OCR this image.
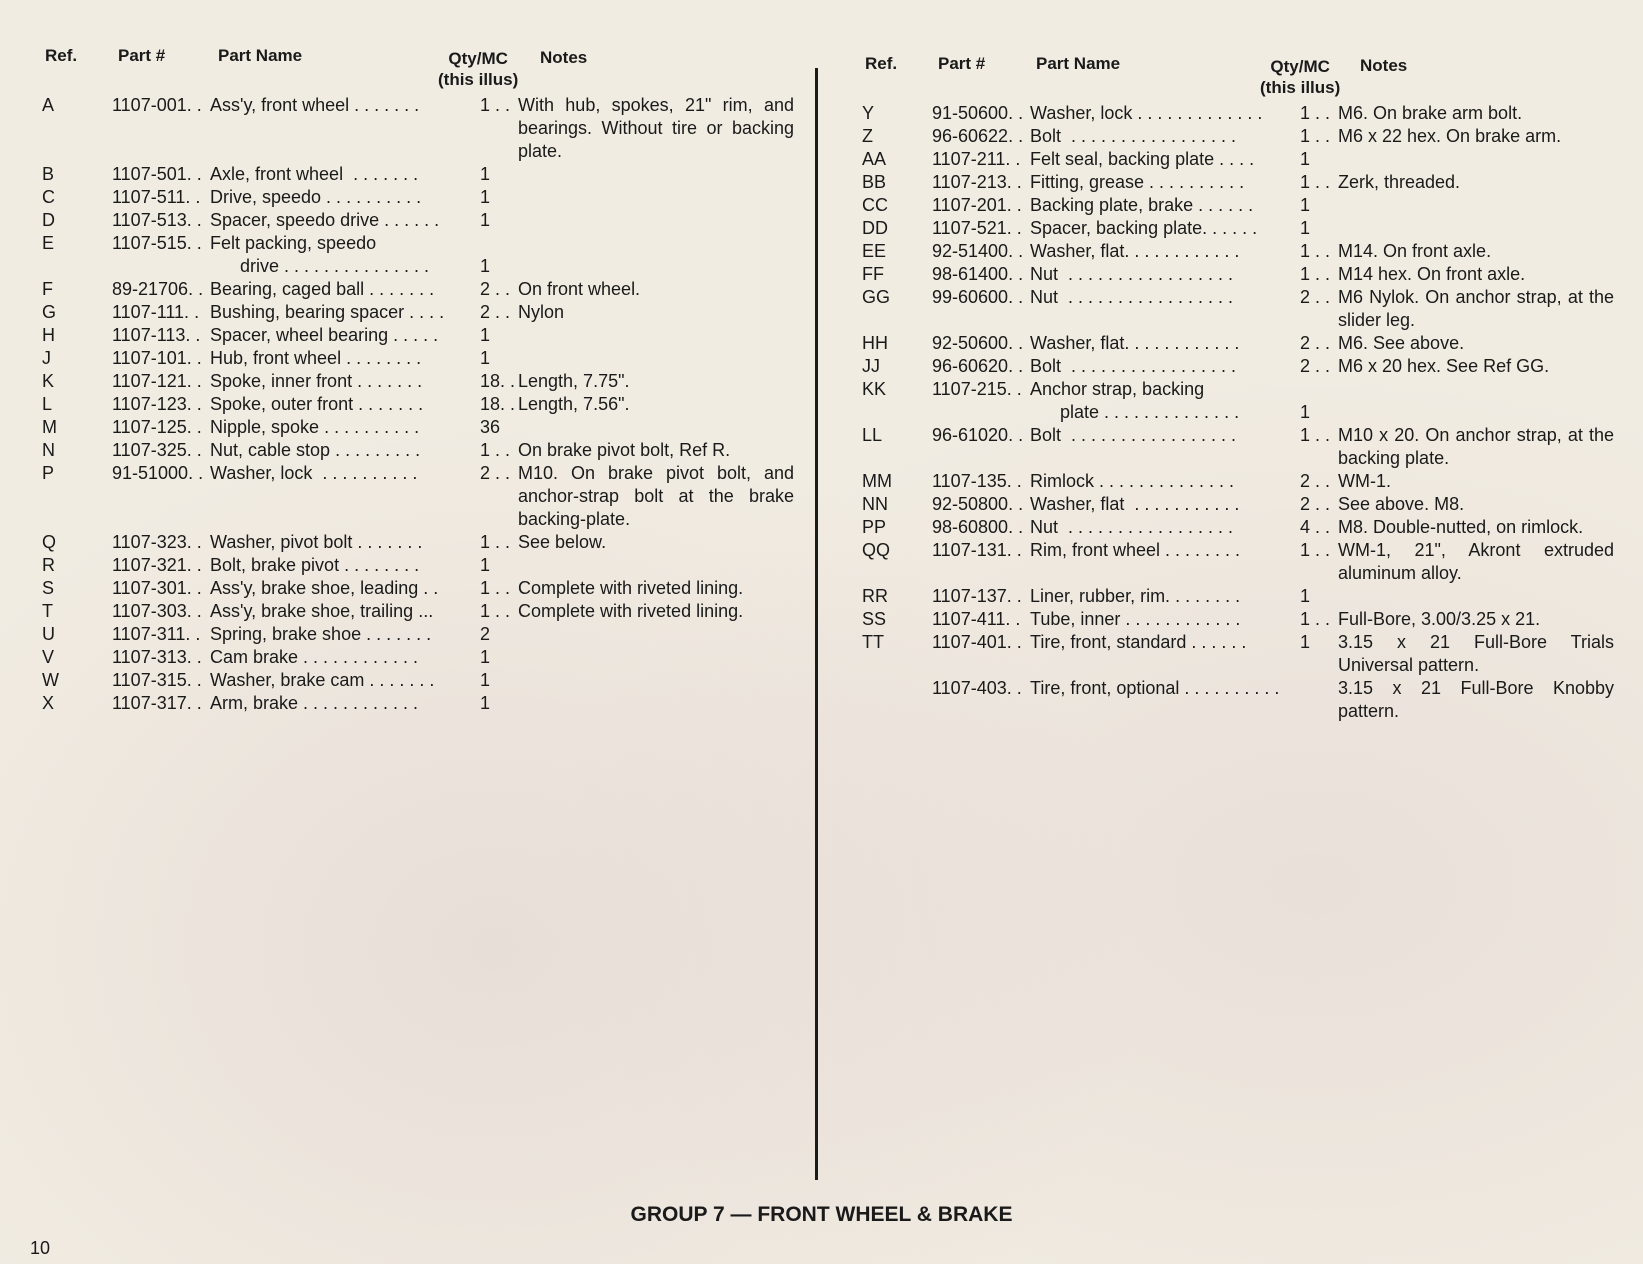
Ref. Part #	Part Name	Qty/MC
(this illus)
Notes
A	1107-001. . Ass'y, front wheel . . . . . . .	1 . . With hub, spokes, 21" rim, and bearings. Without tire or backing plate.
B	1107-501. . Axle, front wheel  . . . . . . .	1
C	1107-511. . Drive, speedo . . . . . . . . . .	1
D	1107-513. . Spacer, speedo drive . . . . . .	1
E	1107-515. . Felt packing, speedo
drive . . . . . . . . . . . . . . .	1
F	89-21706. . Bearing, caged ball . . . . . . .	2 . . On front wheel.
G	1107-111. . Bushing, bearing spacer . . . .	2 . . Nylon
H	1107-113. . Spacer, wheel bearing . . . . .	1
J	1107-101. . Hub, front wheel . . . . . . . .	1
K	1107-121. . Spoke, inner front . . . . . . .	18. . Length, 7.75".
L	1107-123. . Spoke, outer front . . . . . . .	18. . Length, 7.56".
M	1107-125. . Nipple, spoke . . . . . . . . . .	36
N	1107-325. . Nut, cable stop . . . . . . . . .	1 . . On brake pivot bolt, Ref R.
P	91-51000. . Washer, lock  . . . . . . . . . .	2 . . M10. On brake pivot bolt, and anchor-strap bolt at the brake backing-plate.
Q	1107-323. . Washer, pivot bolt . . . . . . .	1 . . See below.
R	1107-321. . Bolt, brake pivot . . . . . . . .	1
S	1107-301. . Ass'y, brake shoe, leading . .	1 . . Complete with riveted lining.
T	1107-303. . Ass'y, brake shoe, trailing ...	1 . . Complete with riveted lining.
U	1107-311. . Spring, brake shoe . . . . . . .	2
V	1107-313. . Cam brake . . . . . . . . . . . .	1
W	1107-315. . Washer, brake cam . . . . . . .	1
X	1107-317. . Arm, brake . . . . . . . . . . . .	1
Ref. Part #	Part Name	Qty/MC
(this illus)
Notes
Y	91-50600. . Washer, lock . . . . . . . . . . . . .	1 . . M6. On brake arm bolt.
Z	96-60622. . Bolt  . . . . . . . . . . . . . . . . .	1 . . M6 x 22 hex. On brake arm.
AA	1107-211. . Felt seal, backing plate . . . .	1
BB	1107-213. . Fitting, grease . . . . . . . . . .	1 . . Zerk, threaded.
CC	1107-201. . Backing plate, brake . . . . . .	1
DD	1107-521. . Spacer, backing plate. . . . . .	1
EE	92-51400. . Washer, flat. . . . . . . . . . . .	1 . . M14. On front axle.
FF	98-61400. . Nut  . . . . . . . . . . . . . . . . .	1 . . M14 hex. On front axle.
GG	99-60600. . Nut  . . . . . . . . . . . . . . . . .	2 . . M6 Nylok. On anchor strap, at the slider leg.
HH	92-50600. . Washer, flat. . . . . . . . . . . .	2 . . M6. See above.
JJ	96-60620. . Bolt  . . . . . . . . . . . . . . . . .	2 . . M6 x 20 hex. See Ref GG.
KK	1107-215. . Anchor strap, backing
plate . . . . . . . . . . . . . .	1
LL	96-61020. . Bolt  . . . . . . . . . . . . . . . . .	1 . . M10 x 20. On anchor strap, at the backing plate.
MM	1107-135. . Rimlock . . . . . . . . . . . . . .	2 . . WM-1.
NN	92-50800. . Washer, flat  . . . . . . . . . . .	2 . . See above. M8.
PP	98-60800. . Nut  . . . . . . . . . . . . . . . . .	4 . . M8. Double-nutted, on rimlock.
QQ	1107-131. . Rim, front wheel . . . . . . . .	1 . . WM-1, 21", Akront extruded aluminum alloy.
RR	1107-137. . Liner, rubber, rim. . . . . . . .	1
SS	1107-411. . Tube, inner . . . . . . . . . . . .	1 . . Full-Bore, 3.00/3.25 x 21.
TT	1107-401. . Tire, front, standard . . . . . .	1	3.15 x 21 Full-Bore Trials Universal pattern.
1107-403. . Tire, front, optional . . . . . . . . . .	3.15 x 21 Full-Bore Knobby pattern.
GROUP 7 — FRONT WHEEL & BRAKE
10
